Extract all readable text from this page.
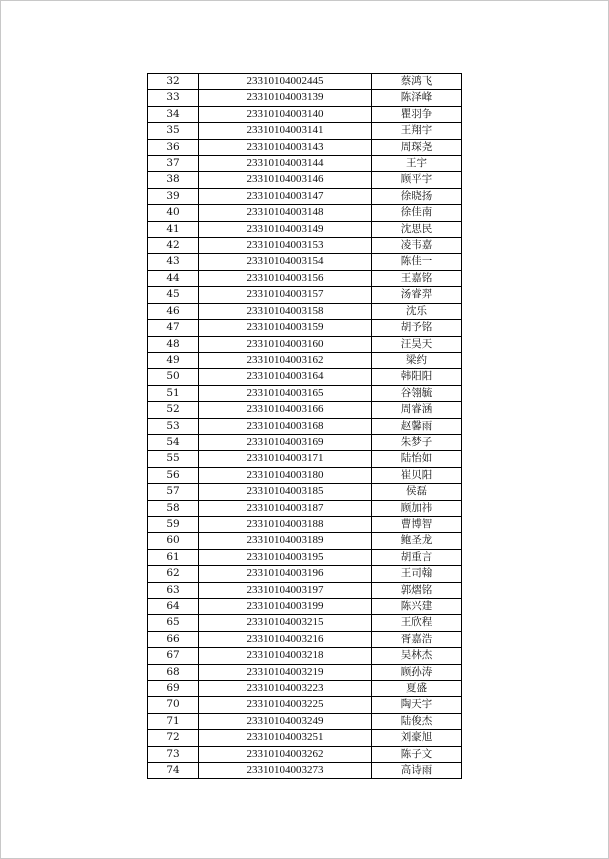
32	23310104002445	蔡鸿飞
33	23310104003139	陈泽峰
34	23310104003140	瞿羽争
35	23310104003141	王翔宇
36	23310104003143	周琛尧
37	23310104003144	王宇
38	23310104003146	顾平宇
39	23310104003147	徐晓扬
40	23310104003148	徐佳南
41	23310104003149	沈思民
42	23310104003153	凌韦嘉
43	23310104003154	陈佳一
44	23310104003156	王嘉铭
45	23310104003157	汤睿羿
46	23310104003158	沈乐
47	23310104003159	胡予铭
48	23310104003160	汪昊天
49	23310104003162	梁约
50	23310104003164	韩阳阳
51	23310104003165	谷翎毓
52	23310104003166	周睿涵
53	23310104003168	赵馨雨
54	23310104003169	朱梦子
55	23310104003171	陆怡如
56	23310104003180	崔贝阳
57	23310104003185	侯磊
58	23310104003187	顾加祎
59	23310104003188	曹博智
60	23310104003189	鲍圣龙
61	23310104003195	胡重言
62	23310104003196	王司翰
63	23310104003197	郭熠铭
64	23310104003199	陈兴建
65	23310104003215	王欣程
66	23310104003216	胥嘉浩
67	23310104003218	吴林杰
68	23310104003219	顾孙涛
69	23310104003223	夏盛
70	23310104003225	陶天宇
71	23310104003249	陆俊杰
72	23310104003251	刘豪旭
73	23310104003262	陈子文
74	23310104003273	高诗雨
